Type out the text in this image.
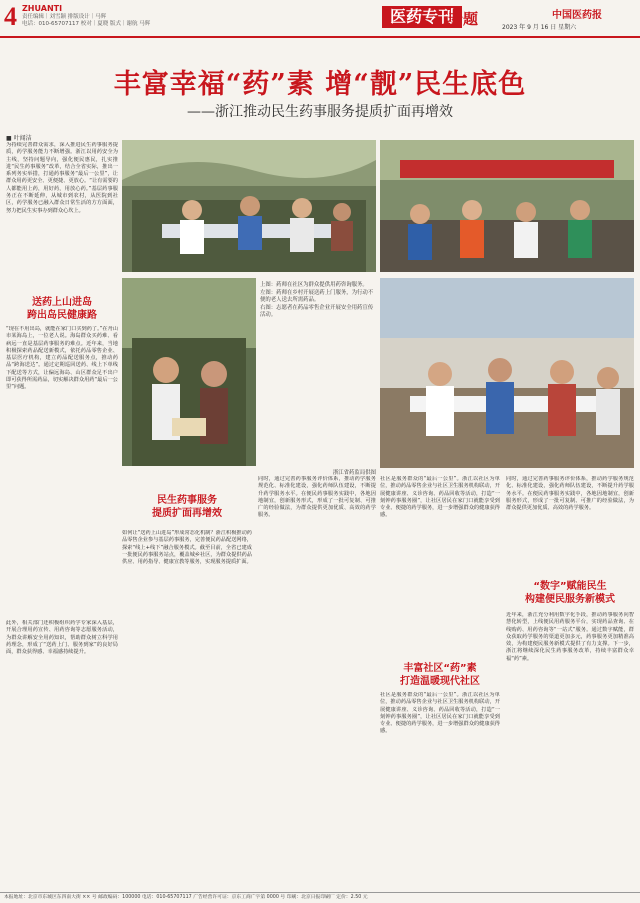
4 ZHUANTI
责任编辑｜刘雪颖 排版设计｜马辉
电话：010-65707117 校对｜夏晓 版式｜谢航 马辉	医药专刊
专题	中国医药报
2023 年 9 月 16 日 星期六
丰富幸福“药”素 增“靓”民生底色
——浙江推动民生药事服务提质扩面再增效
■ 叶闻洁
为持续完善群众需求，深入推进民生药事服务提质，药学服务能力不断增强。浙江以用药安全为主线，坚持问题导向，强化便民惠民，扎实推进“民生药事服务”改革，结合全省实际，推出一系列务实举措，打通药事服务“最后一公里”，让群众用药更安全、更便捷、更放心。“让有需要的人都能用上药，用好药，用放心药。”基层药事服务正在不断延伸，从城市到农村，从医院到社区，药学服务已融入群众日常生活的方方面面，努力把民生实事办到群众心坎上。
送药上山进岛
跨出岛民健康路
“现在不用出岛，就能在家门口买到药了。”在舟山市某海岛上，一位老人说。海岛群众买药难、看病远一直是基层药事服务的难点。近年来，当地积极探索药品配送新模式，依托药品零售企业、基层医疗机构，建立药品配送服务点，推动药品“跨海送达”。通过定期巡回送药、线上下单线下配送等方式，让偏远海岛、山区群众足不出户即可获得所需药品，切实解决群众用药“最后一公里”问题。
此外，相关部门还积极组织药学专家深入基层，开展合理用药宣传、用药咨询等志愿服务活动，为群众讲解安全用药知识，帮助群众树立科学用药理念，形成了“送药上门、服务到家”的良好局面，群众获得感、幸福感持续提升。
上图：药师在社区为群众提供用药咨询服务。
左图：药师在乡村开展送药上门服务，为行动不便的老人送去所需药品。
右图：志愿者在药品零售企业开展安全用药宣传活动。
浙江省药监局供图
民生药事服务
提质扩面再增效
如何让“送药上山进岛”形成常态化机制？浙江积极推动药品零售企业参与基层药事服务，完善便民药品配送网络，探索“线上+线下”融合服务模式。截至目前，全省已建成一批便民药事服务站点，覆盖城乡社区，为群众提供药品供应、用药指导、健康宣教等服务，实现服务提质扩面。
同时，通过完善药事服务评价体系，推动药学服务规范化、标准化建设，强化药师队伍建设，不断提升药学服务水平。在便民药事服务实践中，各地因地制宜，创新服务形式，形成了一批可复制、可推广的经验做法，为群众提供更加优质、高效的药学服务。
社区是服务群众的“最后一公里”。浙江以社区为单位，推动药品零售企业与社区卫生服务机构联动，开展健康讲座、义诊咨询、药品回收等活动，打造“一刻钟药事服务圈”，让社区居民在家门口就能享受到专业、便捷的药学服务，进一步增强群众的健康获得感。
丰富社区“药”素
打造温暖现代社区
社区是服务群众的“最后一公里”。浙江以社区为单位，推动药品零售企业与社区卫生服务机构联动，开展健康讲座、义诊咨询、药品回收等活动，打造“一刻钟药事服务圈”，让社区居民在家门口就能享受到专业、便捷的药学服务，进一步增强群众的健康获得感。
“数字”赋能民生
构建便民服务新模式
同时，通过完善药事服务评价体系，推动药学服务规范化、标准化建设，强化药师队伍建设，不断提升药学服务水平。在便民药事服务实践中，各地因地制宜，创新服务形式，形成了一批可复制、可推广的经验做法，为群众提供更加优质、高效的药学服务。
近年来，浙江充分利用数字化手段，推动药事服务向智慧化转型，上线便民用药服务平台，实现药品查询、在线购药、用药咨询等“一站式”服务。通过数字赋能，群众获取药学服务的渠道更加多元，药事服务更加精准高效，为构建便民服务新模式提供了有力支撑。下一步，浙江将继续深化民生药事服务改革，持续丰富群众幸福“药”素。
本报地址：北京市东城区东四南大街 ×× 号 邮政编码：100000 电话：010-65707117 广告经营许可证：京东工商广字第 0000 号 印刷：北京日报印刷厂 定价：2.50 元
